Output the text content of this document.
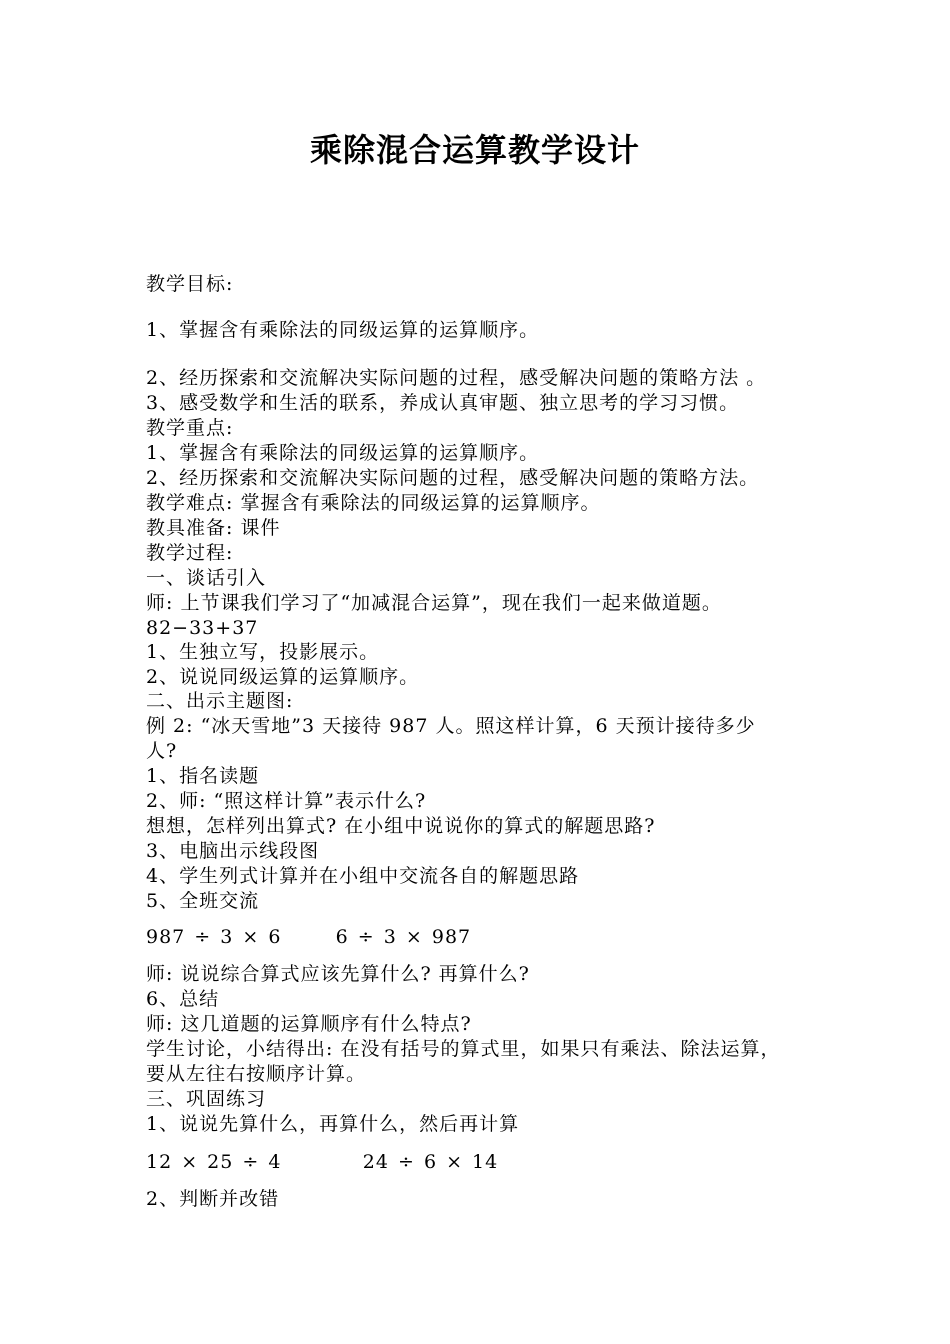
乘除混合运算教学设计
教学目标:
1、掌握含有乘除法的同级运算的运算顺序。
2、经历探索和交流解决实际问题的过程，感受解决问题的策略方法 。
3、感受数学和生活的联系，养成认真审题、独立思考的学习习惯。
教学重点:
1、掌握含有乘除法的同级运算的运算顺序。
2、经历探索和交流解决实际问题的过程，感受解决问题的策略方法。
教学难点: 掌握含有乘除法的同级运算的运算顺序。
教具准备: 课件
教学过程:
一、谈话引入
师: 上节课我们学习了“加减混合运算”，现在我们一起来做道题。
82−33+37
1、生独立写，投影展示。
2、说说同级运算的运算顺序。
二、出示主题图:
例 2: “冰天雪地”3 天接待 987 人。照这样计算，6 天预计接待多少
人?
1、指名读题
2、师: “照这样计算”表示什么?
想想，怎样列出算式? 在小组中说说你的算式的解题思路?
3、电脑出示线段图
4、学生列式计算并在小组中交流各自的解题思路
5、全班交流
987 ÷ 3 × 6      6 ÷ 3 × 987
师: 说说综合算式应该先算什么? 再算什么?
6、总结
师: 这几道题的运算顺序有什么特点?
学生讨论，小结得出: 在没有括号的算式里，如果只有乘法、除法运算，
要从左往右按顺序计算。
三、巩固练习
1、说说先算什么，再算什么，然后再计算
12 × 25 ÷ 4         24 ÷ 6 × 14
2、判断并改错
